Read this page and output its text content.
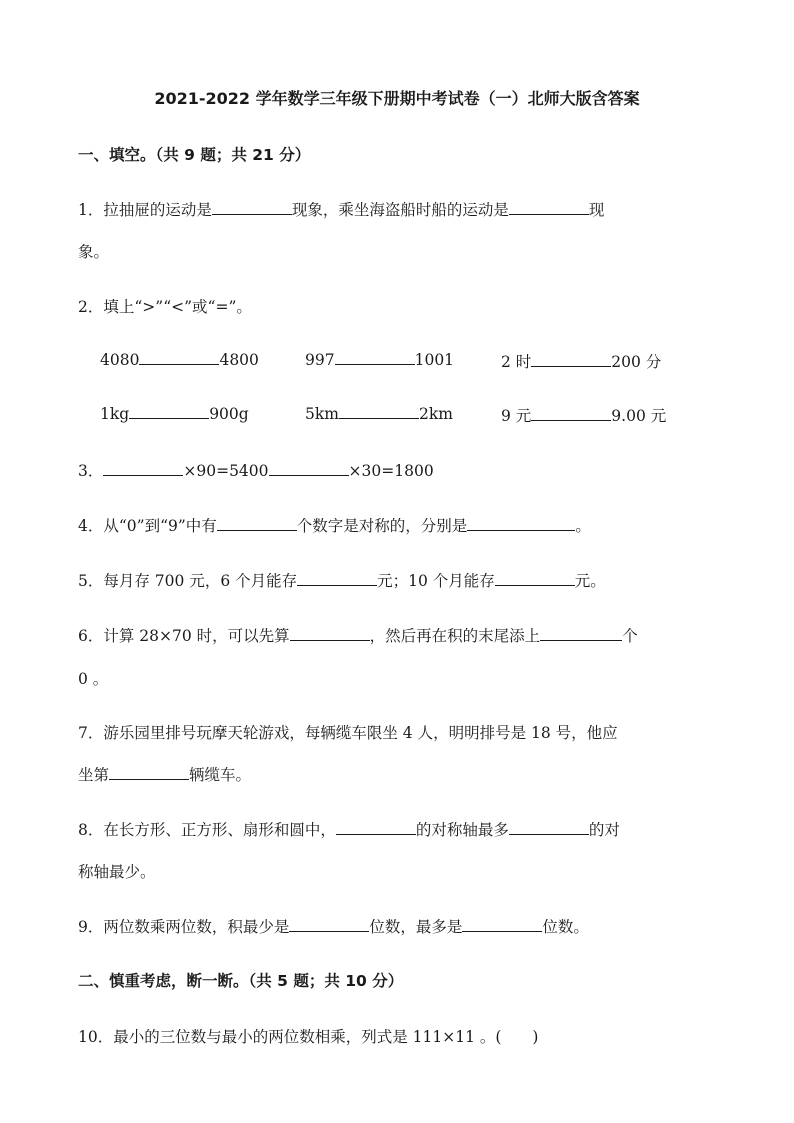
2021-2022 学年数学三年级下册期中考试卷（一）北师大版含答案
一、填空。（共 9 题；共 21 分）
1．拉抽屉的运动是	现象，乘坐海盗船时船的运动是	现
象。
2．填上“>”“<”或“=”。
4080	4800	997	1001	2 时	200 分
1kg	900g	5km	2km	9 元	9.00 元
3．	×90=5400	×30=1800
4．从“0”到“9”中有	个数字是对称的，分别是	。
5．每月存 700 元，6 个月能存	元；10 个月能存	元。
6．计算 28×70 时，可以先算	，然后再在积的末尾添上	个
0 。
7．游乐园里排号玩摩天轮游戏，每辆缆车限坐 4 人，明明排号是 18 号，他应
坐第	辆缆车。
8．在长方形、正方形、扇形和圆中，	的对称轴最多	的对
称轴最少。
9．两位数乘两位数，积最少是	位数，最多是	位数。
二、慎重考虑，断一断。（共 5 题；共 10 分）
10．最小的三位数与最小的两位数相乘，列式是 111×11 。(　　)
